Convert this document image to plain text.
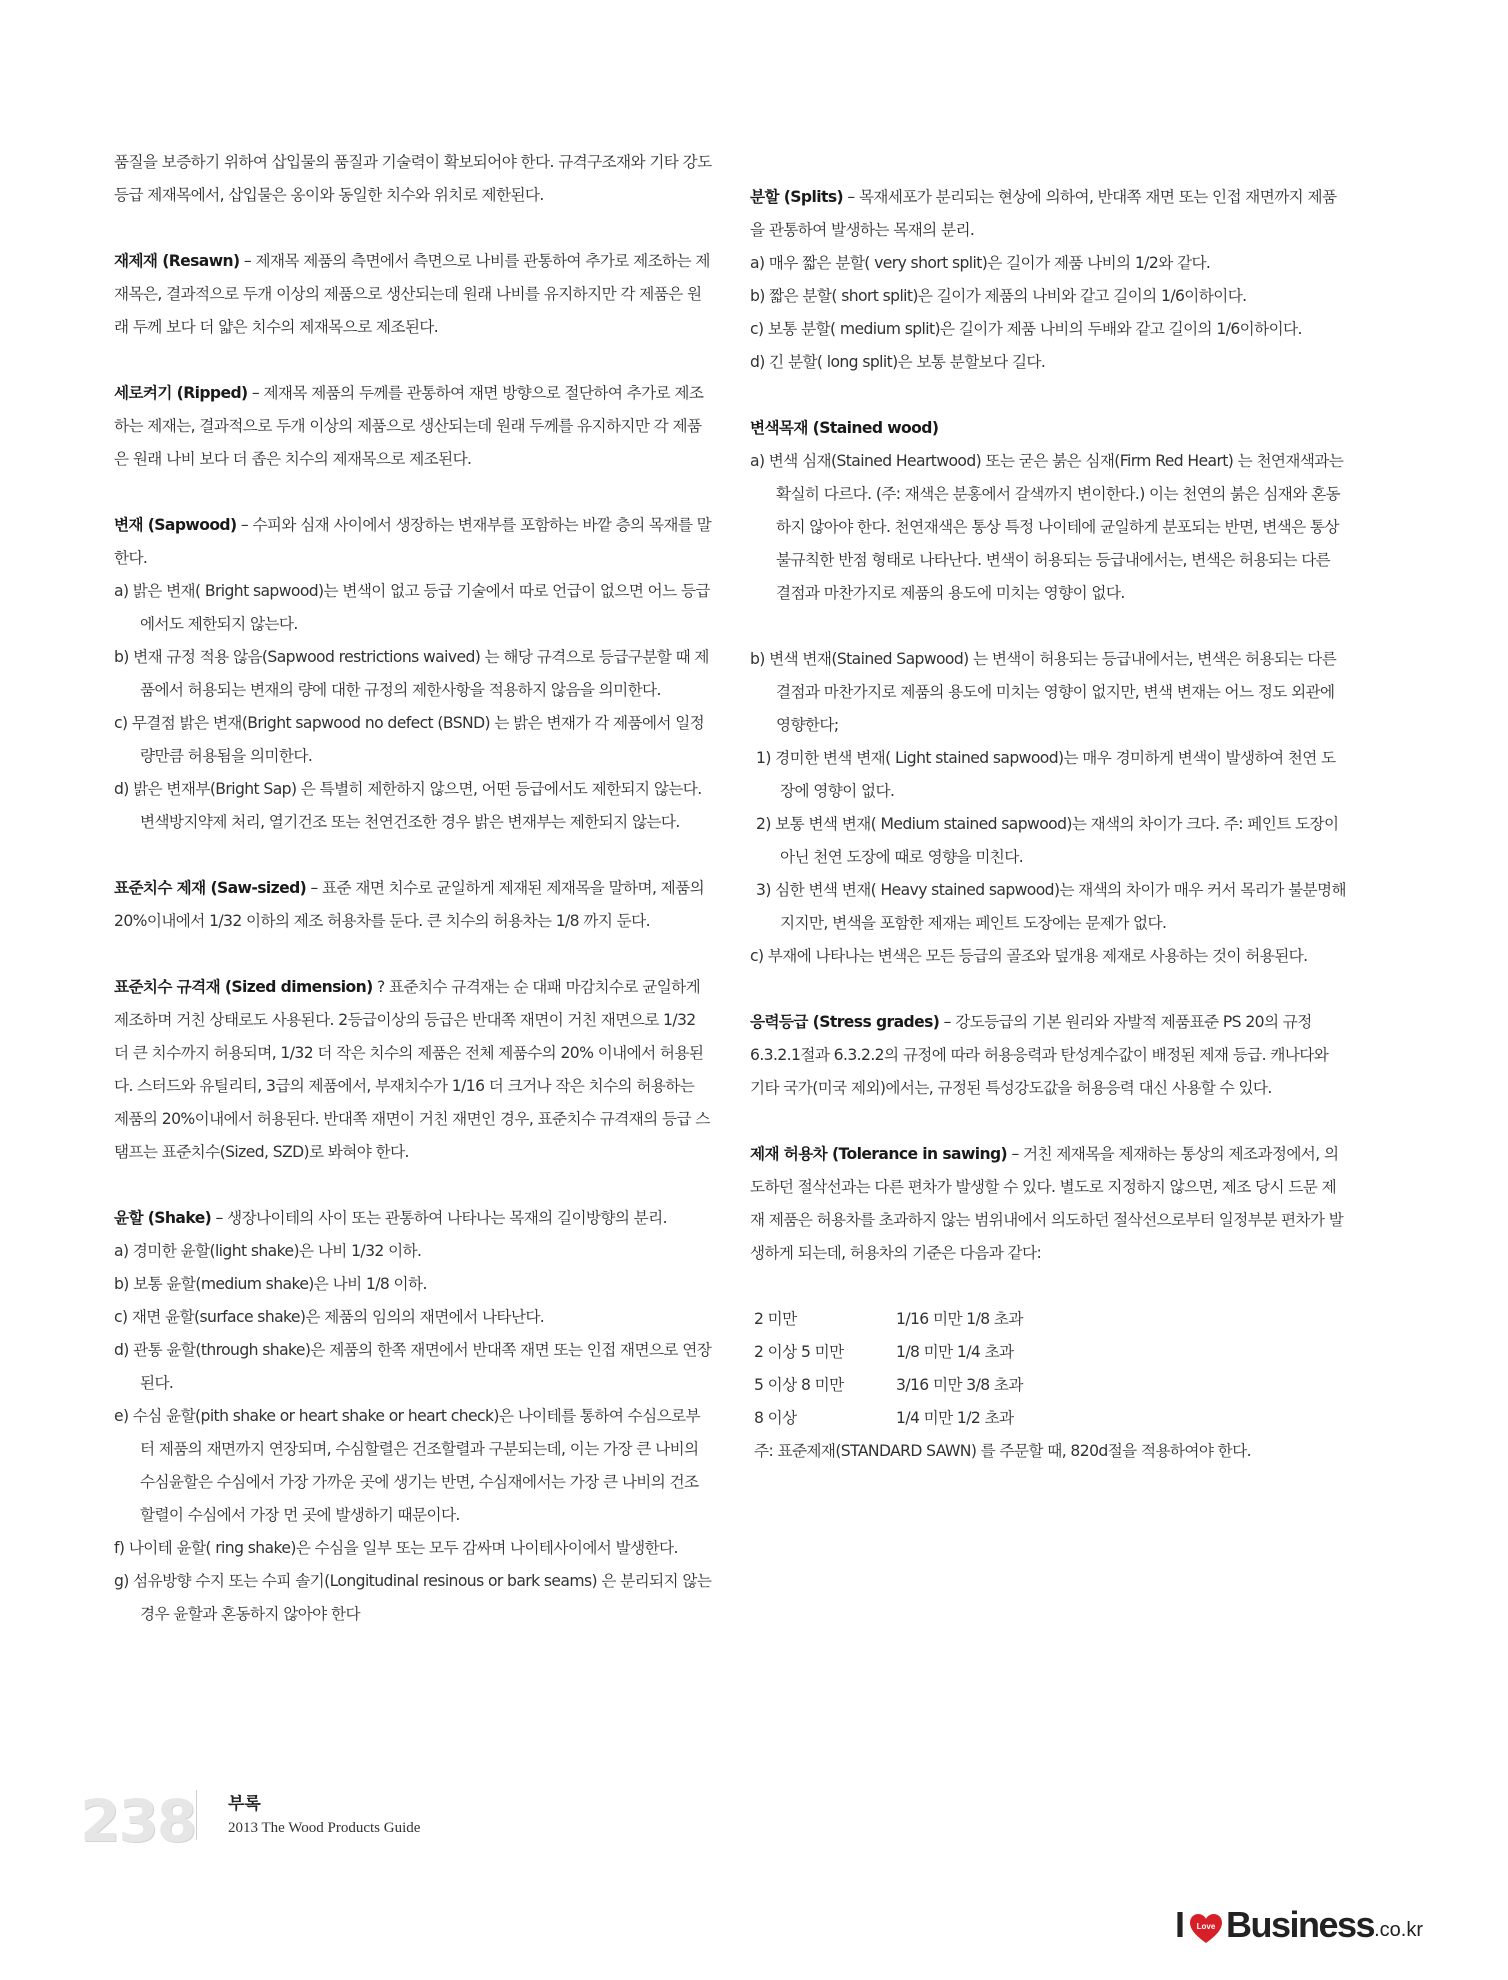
품질을 보증하기 위하여 삽입물의 품질과 기술력이 확보되어야 한다. 규격구조재와 기타 강도등급 제재목에서, 삽입물은 옹이와 동일한 치수와 위치로 제한된다.

재제재 (Resawn) – 제재목 제품의 측면에서 측면으로 나비를 관통하여 추가로 제조하는 제재목은, 결과적으로 두개 이상의 제품으로 생산되는데 원래 나비를 유지하지만 각 제품은 원래 두께 보다 더 얇은 치수의 제재목으로 제조된다.

세로켜기 (Ripped) – 제재목 제품의 두께를 관통하여 재면 방향으로 절단하여 추가로 제조하는 제재는, 결과적으로 두개 이상의 제품으로 생산되는데 원래 두께를 유지하지만 각 제품은 원래 나비 보다 더 좁은 치수의 제재목으로 제조된다.

변재 (Sapwood) – 수피와 심재 사이에서 생장하는 변재부를 포함하는 바깥 층의 목재를 말한다.

a) 밝은 변재( Bright sapwood)는 변색이 없고 등급 기술에서 따로 언급이 없으면 어느 등급에서도 제한되지 않는다.

b) 변재 규정 적용 않음(Sapwood restrictions waived) 는 해당 규격으로 등급구분할 때 제품에서 허용되는 변재의 량에 대한 규정의 제한사항을 적용하지 않음을 의미한다.

c) 무결점 밝은 변재(Bright sapwood no defect (BSND) 는 밝은 변재가 각 제품에서 일정량만큼 허용됨을 의미한다.

d) 밝은 변재부(Bright Sap) 은 특별히 제한하지 않으면, 어떤 등급에서도 제한되지 않는다. 변색방지약제 처리, 열기건조 또는 천연건조한 경우 밝은 변재부는 제한되지 않는다.

표준치수 제재 (Saw-sized) – 표준 재면 치수로 균일하게 제재된 제재목을 말하며, 제품의 20%이내에서 1/32 이하의 제조 허용차를 둔다. 큰 치수의 허용차는 1/8 까지 둔다.

표준치수 규격재 (Sized dimension) ? 표준치수 규격재는 순 대패 마감치수로 균일하게 제조하며 거친 상태로도 사용된다. 2등급이상의 등급은 반대쪽 재면이 거친 재면으로 1/32 더 큰 치수까지 허용되며, 1/32 더 작은 치수의 제품은 전체 제품수의 20% 이내에서 허용된다. 스터드와 유틸리티, 3급의 제품에서, 부재치수가 1/16 더 크거나 작은 치수의 허용하는 제품의 20%이내에서 허용된다. 반대쪽 재면이 거친 재면인 경우, 표준치수 규격재의 등급 스탬프는 표준치수(Sized, SZD)로 봐혀야 한다.

윤할 (Shake) – 생장나이테의 사이 또는 관통하여 나타나는 목재의 길이방향의 분리.

a) 경미한 윤할(light shake)은 나비 1/32 이하.

b) 보통 윤할(medium shake)은 나비 1/8 이하.

c) 재면 윤할(surface shake)은 제품의 임의의 재면에서 나타난다.

d) 관통 윤할(through shake)은 제품의 한쪽 재면에서 반대쪽 재면 또는 인접 재면으로 연장된다.

e) 수심 윤할(pith shake or heart shake or heart check)은 나이테를 통하여 수심으로부터 제품의 재면까지 연장되며, 수심할렬은 건조할렬과 구분되는데, 이는 가장 큰 나비의 수심윤할은 수심에서 가장 가까운 곳에 생기는 반면, 수심재에서는 가장 큰 나비의 건조할렬이 수심에서 가장 먼 곳에 발생하기 때문이다.

f) 나이테 윤할( ring shake)은 수심을 일부 또는 모두 감싸며 나이테사이에서 발생한다.

g) 섬유방향 수지 또는 수피 솔기(Longitudinal resinous or bark seams) 은 분리되지 않는 경우 윤할과 혼동하지 않아야 한다

분할 (Splits) – 목재세포가 분리되는 현상에 의하여, 반대쪽 재면 또는 인접 재면까지 제품을 관통하여 발생하는 목재의 분리.

a) 매우 짧은 분할( very short split)은 길이가 제품 나비의 1/2와 같다.

b) 짧은 분할( short split)은 길이가 제품의 나비와 같고 길이의 1/6이하이다.

c) 보통 분할( medium split)은 길이가 제품 나비의 두배와 같고 길이의 1/6이하이다.

d) 긴 분할( long split)은 보통 분할보다 길다.

변색목재 (Stained wood)

a) 변색 심재(Stained Heartwood) 또는 굳은 붉은 심재(Firm Red Heart) 는 천연재색과는 확실히 다르다. (주: 재색은 분홍에서 갈색까지 변이한다.) 이는 천연의 붉은 심재와 혼동하지 않아야 한다. 천연재색은 통상 특정 나이테에 균일하게 분포되는 반면, 변색은 통상 불규칙한 반점 형태로 나타난다. 변색이 허용되는 등급내에서는, 변색은 허용되는 다른 결점과 마찬가지로 제품의 용도에 미치는 영향이 없다.

b) 변색 변재(Stained Sapwood) 는 변색이 허용되는 등급내에서는, 변색은 허용되는 다른 결점과 마찬가지로 제품의 용도에 미치는 영향이 없지만, 변색 변재는 어느 정도 외관에 영향한다;

1) 경미한 변색 변재( Light stained sapwood)는 매우 경미하게 변색이 발생하여 천연 도장에 영향이 없다.

2) 보통 변색 변재( Medium stained sapwood)는 재색의 차이가 크다. 주: 페인트 도장이 아닌 천연 도장에 때로 영향을 미친다.

3) 심한 변색 변재( Heavy stained sapwood)는 재색의 차이가 매우 커서 목리가 불분명해지지만, 변색을 포함한 제재는 페인트 도장에는 문제가 없다.

c) 부재에 나타나는 변색은 모든 등급의 골조와 덮개용 제재로 사용하는 것이 허용된다.

응력등급 (Stress grades) – 강도등급의 기본 원리와 자발적 제품표준 PS 20의 규정 6.3.2.1절과 6.3.2.2의 규정에 따라 허용응력과 탄성계수값이 배정된 제재 등급. 캐나다와 기타 국가(미국 제외)에서는, 규정된 특성강도값을 허용응력 대신 사용할 수 있다.

제재 허용차 (Tolerance in sawing) – 거친 제재목을 제재하는 통상의 제조과정에서, 의도하던 절삭선과는 다른 편차가 발생할 수 있다. 별도로 지정하지 않으면, 제조 당시 드문 제재 제품은 허용차를 초과하지 않는 범위내에서 의도하던 절삭선으로부터 일정부분 편차가 발생하게 되는데, 허용차의 기준은 다음과 같다:

2 미만	1/16 미만 1/8 초과
2 이상 5 미만	1/8 미만 1/4 초과
5 이상 8 미만	3/16 미만 3/8 초과
8 이상	1/4 미만 1/2 초과

주: 표준제재(STANDARD SAWN) 를 주문할 때, 820d절을 적용하여야 한다.

238 부록
2013 The Wood Products Guide
I Love Business .co.kr
